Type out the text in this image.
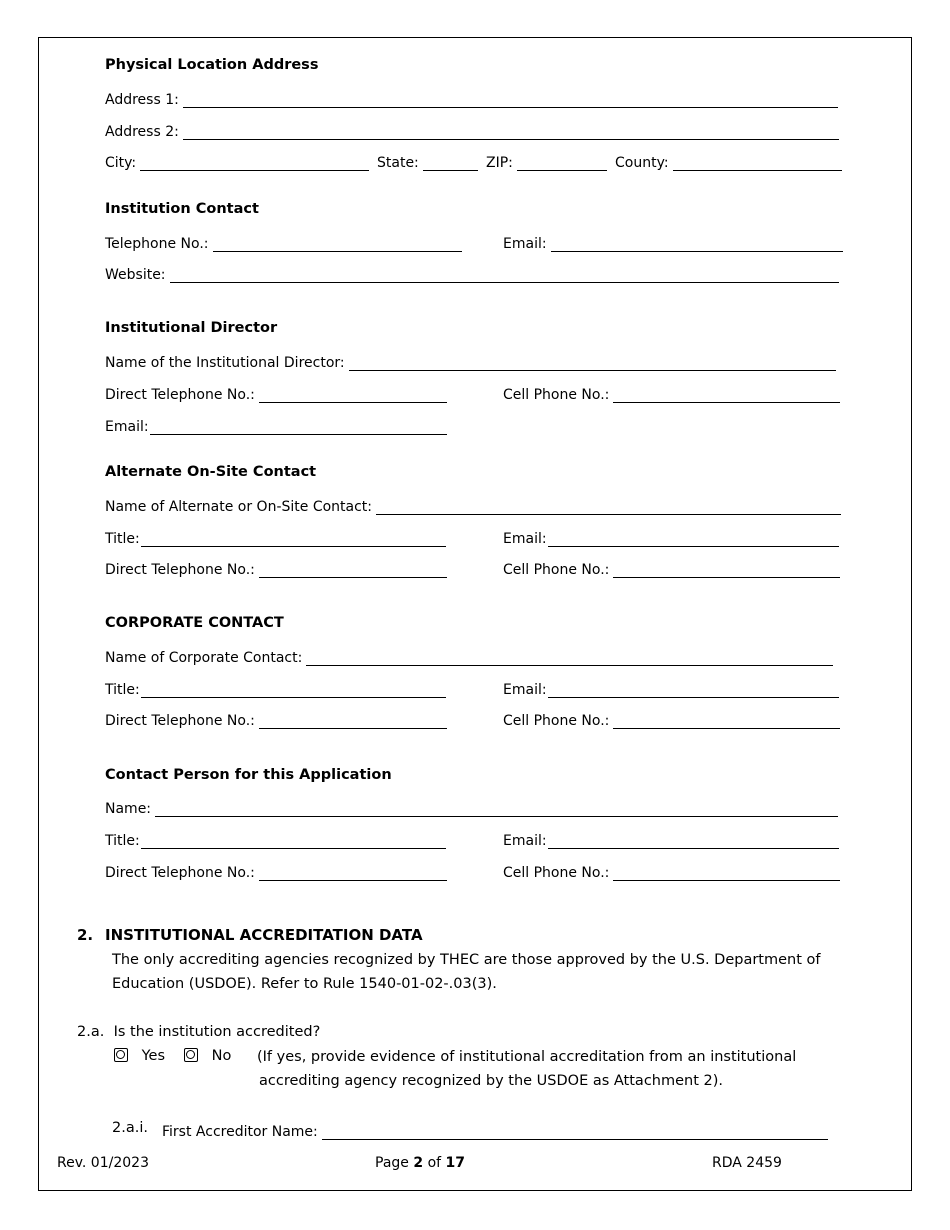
Physical Location Address
Address 1:
Address 2:
City:	State:	ZIP:	County:
Institution Contact
Telephone No.:	Email:
Website:
Institutional Director
Name of the Institutional Director:
Direct Telephone No.:	Cell Phone No.:
Email:
Alternate On-Site Contact
Name of Alternate or On-Site Contact:
Title:	Email:
Direct Telephone No.:	Cell Phone No.:
CORPORATE CONTACT
Name of Corporate Contact:
Title:	Email:
Direct Telephone No.:	Cell Phone No.:
Contact Person for this Application
Name:
Title:	Email:
Direct Telephone No.:	Cell Phone No.:
2. INSTITUTIONAL ACCREDITATION DATA
The only accrediting agencies recognized by THEC are those approved by the U.S. Department of
Education (USDOE). Refer to Rule 1540-01-02-.03(3).
2.a. Is the institution accredited?
Yes	No (If yes, provide evidence of institutional accreditation from an institutional
accrediting agency recognized by the USDOE as Attachment 2).
2.a.i. First Accreditor Name:
Rev. 01/2023	Page 2 of 17	RDA 2459
